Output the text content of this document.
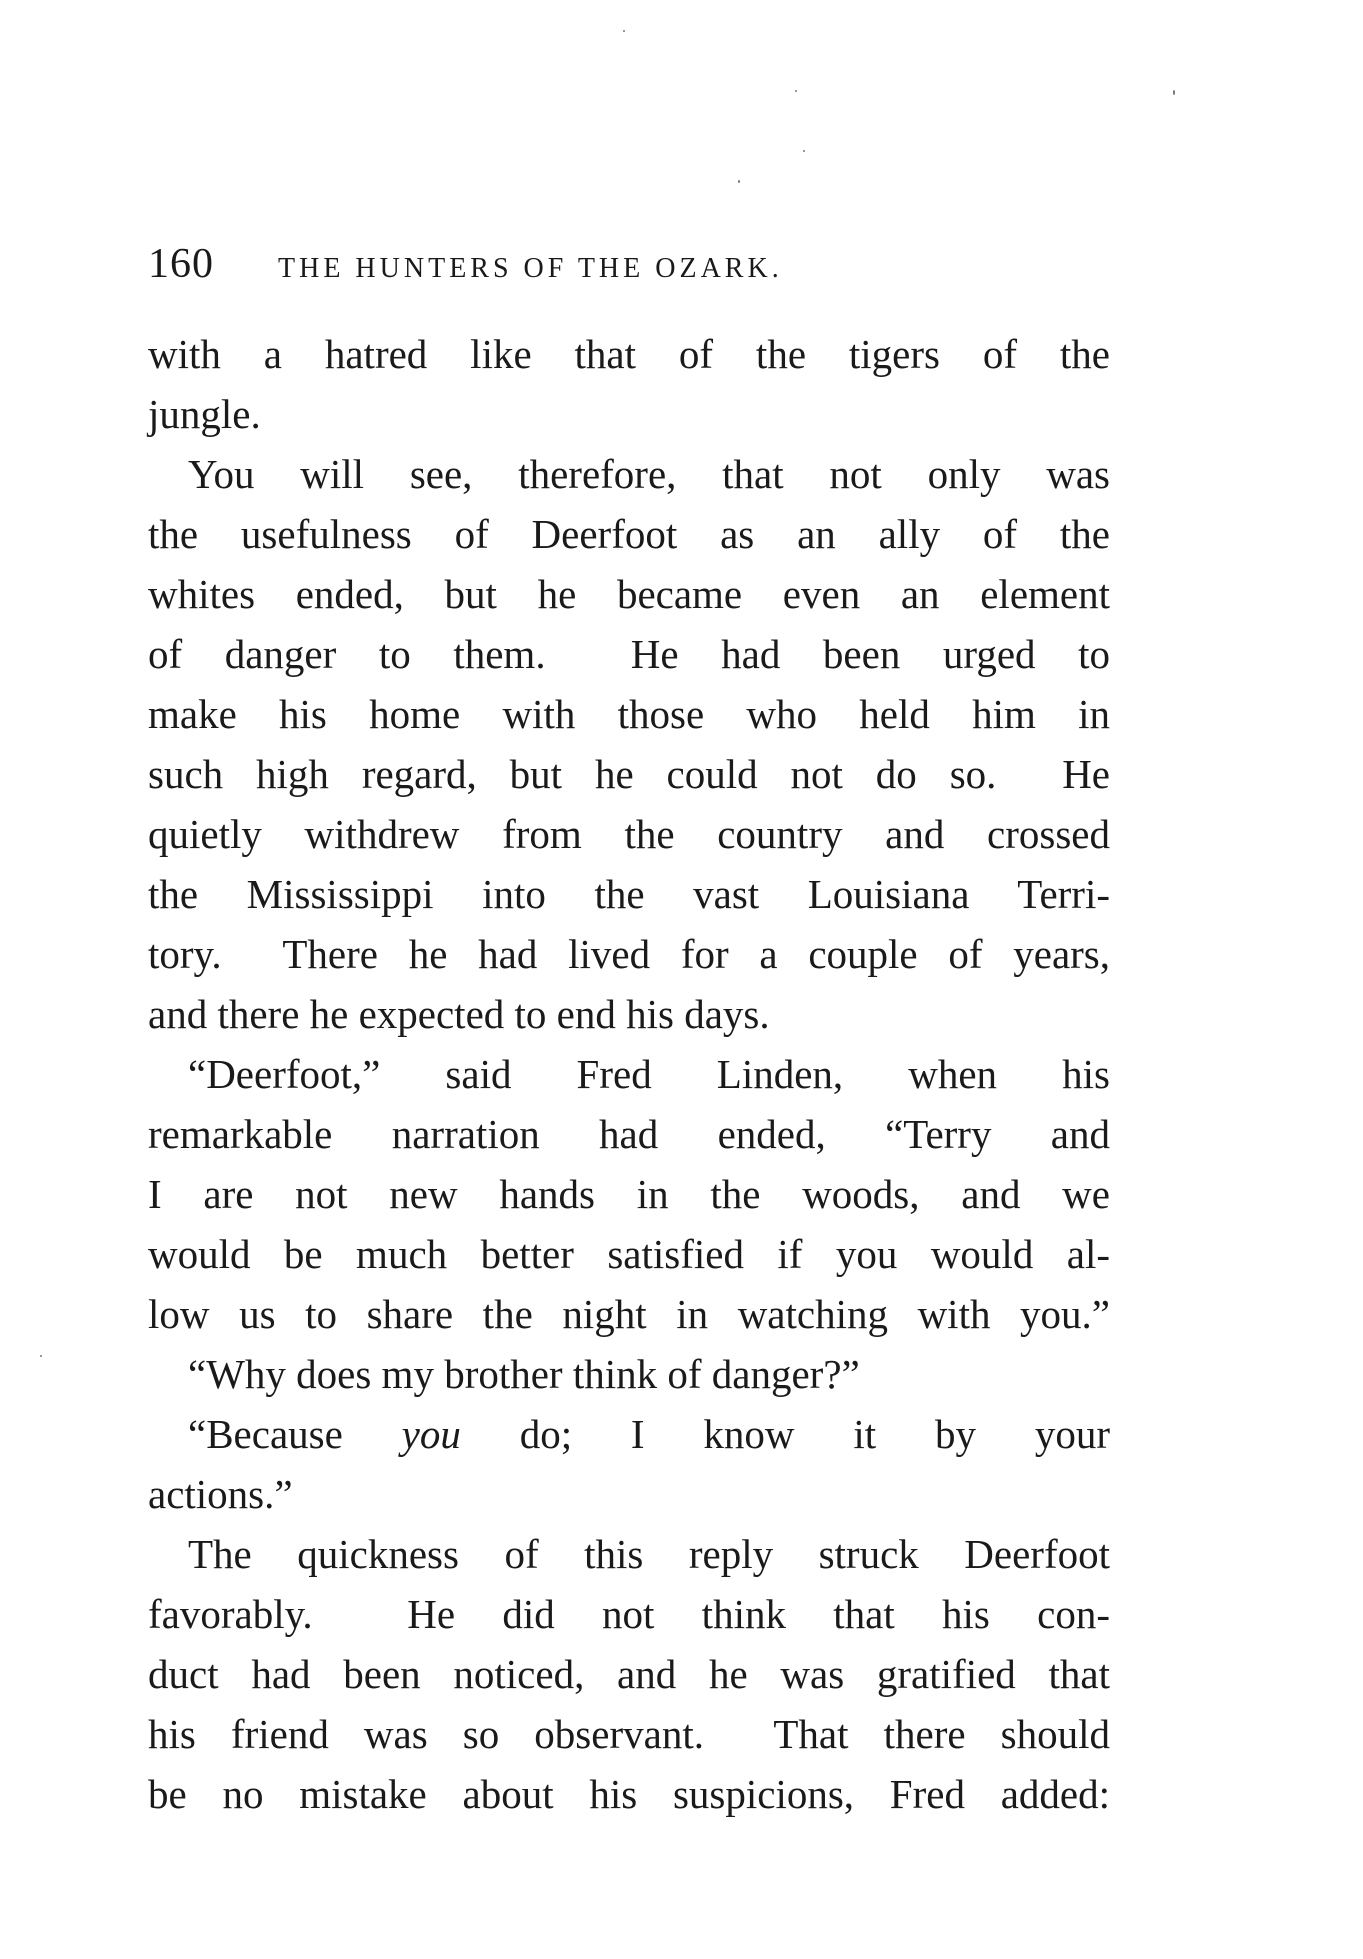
160	THE HUNTERS OF THE OZARK.

with a hatred like that of the tigers of the
jungle.

You will see, therefore, that not only was
the usefulness of Deerfoot as an ally of the
whites ended, but he became even an element
of danger to them.  He had been urged to
make his home with those who held him in
such high regard, but he could not do so.  He
quietly withdrew from the country and crossed
the Mississippi into the vast Louisiana Terri-
tory.  There he had lived for a couple of years,
and there he expected to end his days.

“Deerfoot,” said Fred Linden, when his
remarkable narration had ended, “Terry and
I are not new hands in the woods, and we
would be much better satisfied if you would al-
low us to share the night in watching with you.”

“Why does my brother think of danger?”

“Because you do; I know it by your
actions.”

The quickness of this reply struck Deerfoot
favorably.  He did not think that his con-
duct had been noticed, and he was gratified that
his friend was so observant.  That there should
be no mistake about his suspicions, Fred added:
